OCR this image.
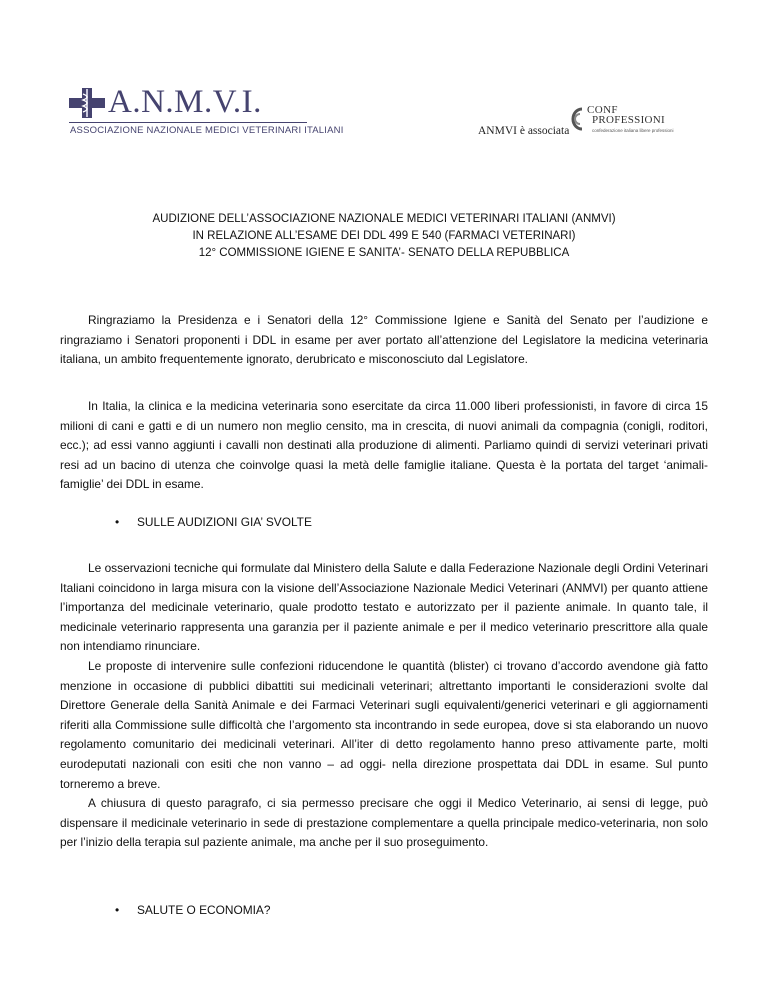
A.N.M.V.I.
ASSOCIAZIONE NAZIONALE MEDICI VETERINARI ITALIANI	ANMVI è associata
CONF
PROFESSIONI
confederazione italiana libere professioni
AUDIZIONE DELL’ASSOCIAZIONE NAZIONALE MEDICI VETERINARI ITALIANI (ANMVI)
IN RELAZIONE ALL’ESAME DEI DDL 499 E 540 (FARMACI VETERINARI)
12° COMMISSIONE IGIENE E SANITA’- SENATO DELLA REPUBBLICA

Ringraziamo la Presidenza e i Senatori della 12° Commissione Igiene e Sanità del Senato per l’audizione e ringraziamo i Senatori proponenti i DDL in esame per aver portato all’attenzione del Legislatore la medicina veterinaria italiana, un ambito frequentemente ignorato, derubricato e misconosciuto dal Legislatore.

In Italia, la clinica e la medicina veterinaria sono esercitate da circa 11.000 liberi professionisti, in favore di circa 15 milioni di cani e gatti e di un numero non meglio censito, ma in crescita, di nuovi animali da compagnia (conigli, roditori, ecc.); ad essi vanno aggiunti i cavalli non destinati alla produzione di alimenti. Parliamo quindi di servizi veterinari privati resi ad un bacino di utenza che coinvolge quasi la metà delle famiglie italiane. Questa è la portata del target ‘animali-famiglie’ dei DDL in esame.

• SULLE AUDIZIONI GIA’ SVOLTE

Le osservazioni tecniche qui formulate dal Ministero della Salute e dalla Federazione Nazionale degli Ordini Veterinari Italiani coincidono in larga misura con la visione dell’Associazione Nazionale Medici Veterinari (ANMVI) per quanto attiene l’importanza del medicinale veterinario, quale prodotto testato e autorizzato per il paziente animale. In quanto tale, il medicinale veterinario rappresenta una garanzia per il paziente animale e per il medico veterinario prescrittore alla quale non intendiamo rinunciare.

Le proposte di intervenire sulle confezioni riducendone le quantità (blister) ci trovano d’accordo avendone già fatto menzione in occasione di pubblici dibattiti sui medicinali veterinari; altrettanto importanti le considerazioni svolte dal Direttore Generale della Sanità Animale e dei Farmaci Veterinari sugli equivalenti/generici veterinari e gli aggiornamenti riferiti alla Commissione sulle difficoltà che l’argomento sta incontrando in sede europea, dove si sta elaborando un nuovo regolamento comunitario dei medicinali veterinari. All’iter di detto regolamento hanno preso attivamente parte, molti eurodeputati nazionali con esiti che non vanno – ad oggi- nella direzione prospettata dai DDL in esame. Sul punto torneremo a breve.

A chiusura di questo paragrafo, ci sia permesso precisare che oggi il Medico Veterinario, ai sensi di legge, può dispensare il medicinale veterinario in sede di prestazione complementare a quella principale medico-veterinaria, non solo per l’inizio della terapia sul paziente animale, ma anche per il suo proseguimento.

• SALUTE O ECONOMIA?
